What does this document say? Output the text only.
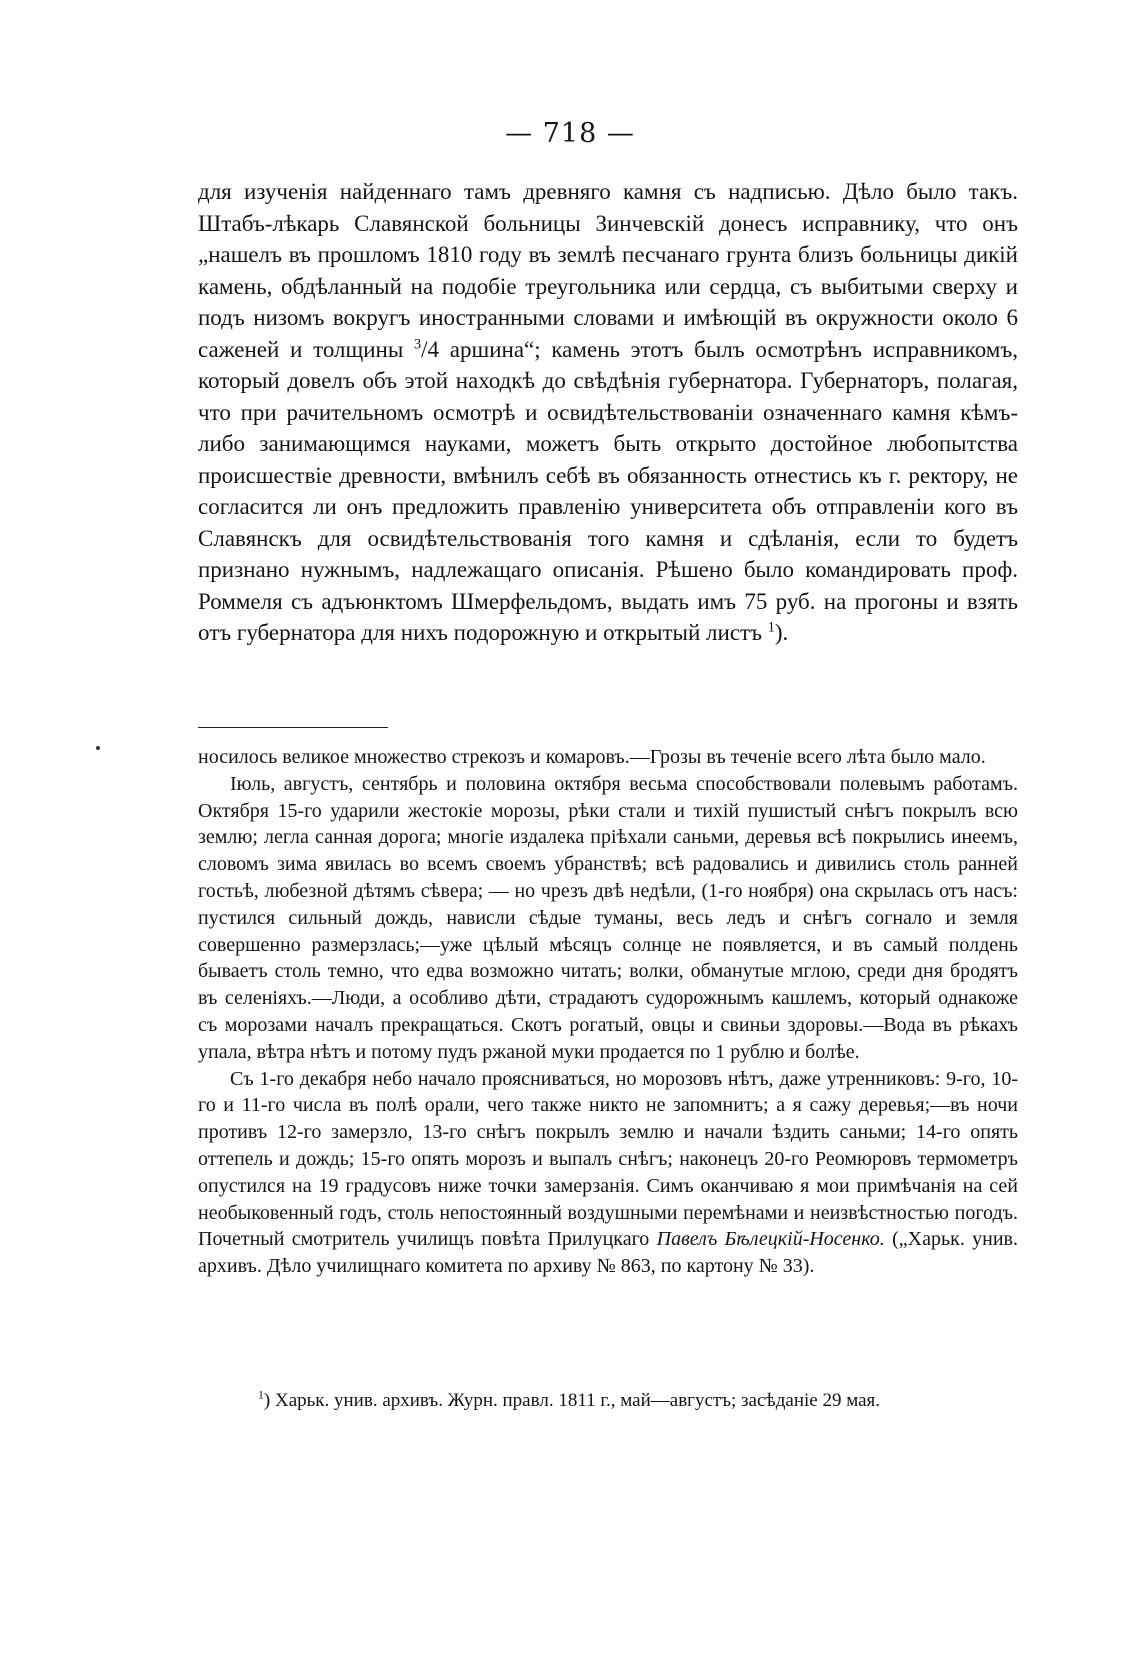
— 718 —

для изученія найденнаго тамъ древняго камня съ надписью. Дѣло было такъ. Штабъ-лѣкарь Славянской больницы Зинчевскій донесъ исправнику, что онъ „нашелъ въ прошломъ 1810 году въ землѣ песчанаго грунта близъ больницы дикій камень, обдѣланный на подобіе треугольника или сердца, съ выбитыми сверху и подъ низомъ вокругъ иностранными словами и имѣющій въ окружности около 6 саженей и толщины $^3$/4 аршина“; камень этотъ былъ осмотрѣнъ исправникомъ, который довелъ объ этой находкѣ до свѣдѣнія губернатора. Губернаторъ, полагая, что при рачительномъ осмотрѣ и освидѣтельствованіи означеннаго камня кѣмъ-либо занимающимся науками, можетъ быть открыто достойное любопытства происшествіе древности, вмѣнилъ себѣ въ обязанность отнестись къ г. ректору, не согласится ли онъ предложить правленію университета объ отправленіи кого въ Славянскъ для освидѣтельствованія того камня и сдѣланія, если то будетъ признано нужнымъ, надлежащаго описанія. Рѣшено было командировать проф. Роммеля съ адъюнктомъ Шмерфельдомъ, выдать имъ 75 руб. на прогоны и взять отъ губернатора для нихъ подорожную и открытый листъ $^1$).

носилось великое множество стрекозъ и комаровъ.—Грозы въ теченіе всего лѣта было мало.

Іюль, августъ, сентябрь и половина октября весьма способствовали полевымъ работамъ. Октября 15-го ударили жестокіе морозы, рѣки стали и тихій пушистый снѣгъ покрылъ всю землю; легла санная дорога; многіе издалека пріѣхали саньми, деревья всѣ покрылись инеемъ, словомъ зима явилась во всемъ своемъ убранствѣ; всѣ радовались и дивились столь ранней гостьѣ, любезной дѣтямъ сѣвера; — но чрезъ двѣ недѣли, (1-го ноября) она скрылась отъ насъ: пустился сильный дождь, нависли сѣдые туманы, весь ледъ и снѣгъ согнало и земля совершенно размерзлась;—уже цѣлый мѣсяцъ солнце не появляется, и въ самый полдень бываетъ столь темно, что едва возможно читать; волки, обманутые мглою, среди дня бродятъ въ селеніяхъ.—Люди, а особливо дѣти, страдаютъ судорожнымъ кашлемъ, который однакоже съ морозами началъ прекращаться. Скотъ рогатый, овцы и свиньи здоровы.—Вода въ рѣкахъ упала, вѣтра нѣтъ и потому пудъ ржаной муки продается по 1 рублю и болѣе.

Съ 1-го декабря небо начало проясниваться, но морозовъ нѣтъ, даже утренниковъ: 9-го, 10-го и 11-го числа въ полѣ орали, чего также никто не запомнитъ; а я сажу деревья;—въ ночи противъ 12-го замерзло, 13-го снѣгъ покрылъ землю и начали ѣздить саньми; 14-го опять оттепель и дождь; 15-го опять морозъ и выпалъ снѣгъ; наконецъ 20-го Реомюровъ термометръ опустился на 19 градусовъ ниже точки замерзанія. Симъ оканчиваю я мои примѣчанія на сей необыковенный годъ, столь непостоянный воздушными перемѣнами и неизвѣстностью погодъ. Почетный смотритель училищъ повѣта Прилуцкаго Павелъ Бѣлецкій-Носенко. („Харьк. унив. архивъ. Дѣло училищнаго комитета по архиву № 863, по картону № 33).

$^1$) Харьк. унив. архивъ. Журн. правл. 1811 г., май—августъ; засѣданіе 29 мая.
